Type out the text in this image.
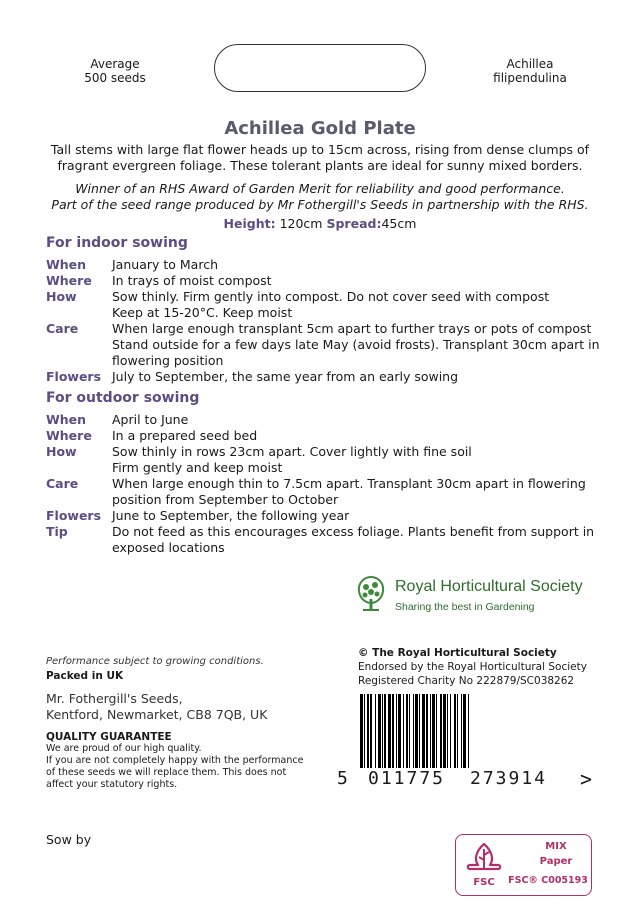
Average
500 seeds
Achillea
filipendulina
Achillea Gold Plate
Tall stems with large flat flower heads up to 15cm across, rising from dense clumps of
fragrant evergreen foliage. These tolerant plants are ideal for sunny mixed borders.
Winner of an RHS Award of Garden Merit for reliability and good performance.
Part of the seed range produced by Mr Fothergill's Seeds in partnership with the RHS.
Height: 120cm Spread:45cm
For indoor sowing
When	January to March
Where	In trays of moist compost
How	Sow thinly. Firm gently into compost. Do not cover seed with compost
Keep at 15-20°C. Keep moist
Care	When large enough transplant 5cm apart to further trays or pots of compost
Stand outside for a few days late May (avoid frosts). Transplant 30cm apart in
flowering position
Flowers July to September, the same year from an early sowing
For outdoor sowing
When	April to June
Where	In a prepared seed bed
How	Sow thinly in rows 23cm apart. Cover lightly with fine soil
Firm gently and keep moist
Care	When large enough thin to 7.5cm apart. Transplant 30cm apart in flowering
position from September to October
Flowers June to September, the following year
Tip	Do not feed as this encourages excess foliage. Plants benefit from support in
exposed locations
Royal Horticultural Society
Sharing the best in Gardening
Performance subject to growing conditions.
Packed in UK
Mr. Fothergill's Seeds,
Kentford, Newmarket, CB8 7QB, UK
QUALITY GUARANTEE
We are proud of our high quality.
If you are not completely happy with the performance
of these seeds we will replace them. This does not
affect your statutory rights.
Sow by
© The Royal Horticultural Society
Endorsed by the Royal Horticultural Society
Registered Charity No 222879/SC038262
5 011775 273914 >
FSC
MIX
Paper
FSC® C005193
